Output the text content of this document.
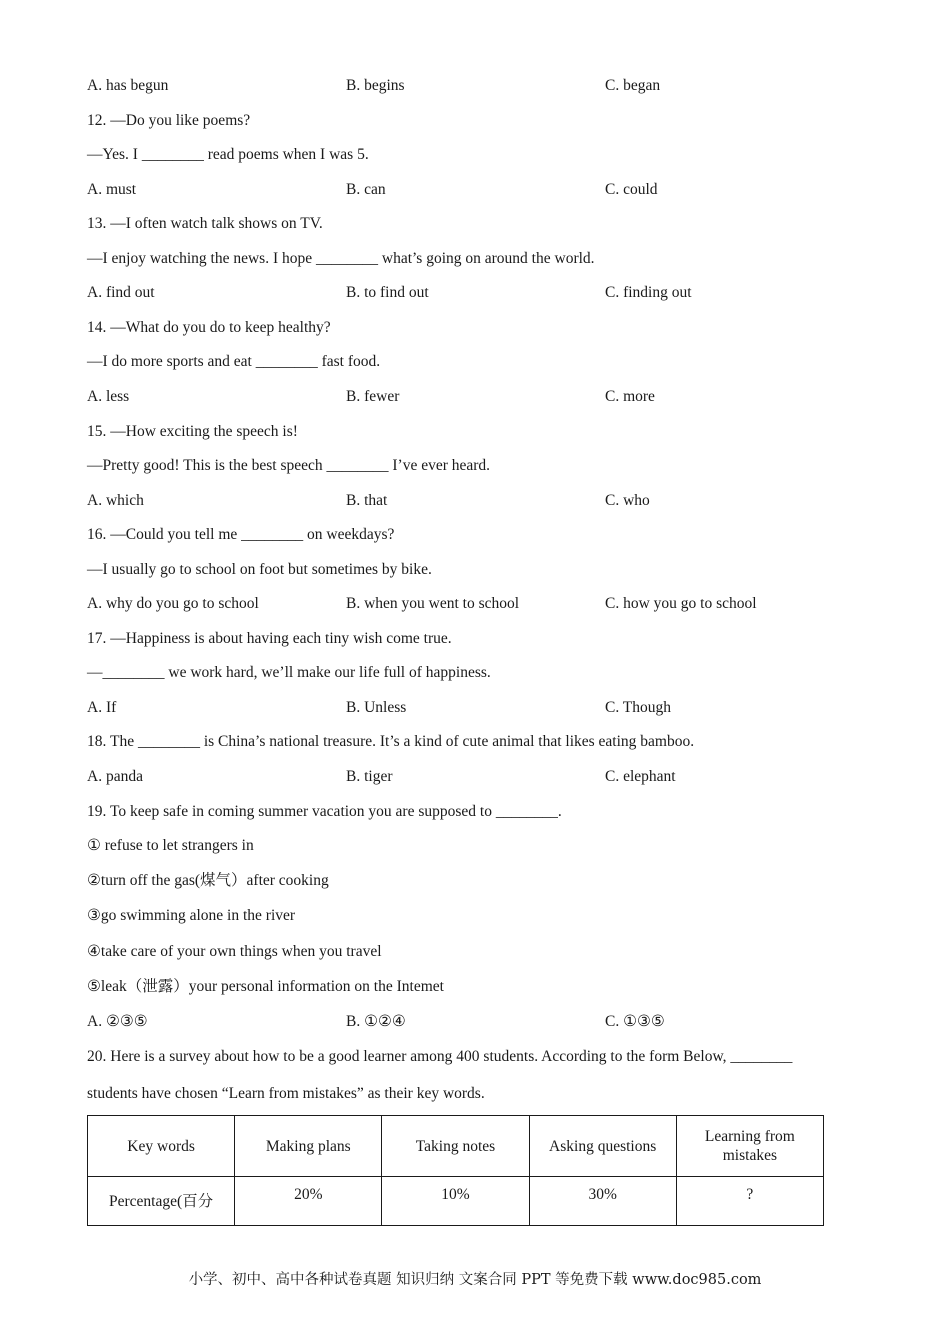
A. has begun	B. begins	C. began
12. —Do you like poems?
—Yes. I ________ read poems when I was 5.
A. must	B. can	C. could
13. —I often watch talk shows on TV.
—I enjoy watching the news. I hope ________ what’s going on around the world.
A. find out	B. to find out	C. finding out
14. —What do you do to keep healthy?
—I do more sports and eat ________ fast food.
A. less	B. fewer	C. more
15. —How exciting the speech is!
—Pretty good! This is the best speech ________ I’ve ever heard.
A. which	B. that	C. who
16. —Could you tell me ________ on weekdays?
—I usually go to school on foot but sometimes by bike.
A. why do you go to school	B. when you went to school	C. how you go to school
17. —Happiness is about having each tiny wish come true.
—________ we work hard, we’ll make our life full of happiness.
A. If	B. Unless	C. Though
18. The ________ is China’s national treasure. It’s a kind of cute animal that likes eating bamboo.
A. panda	B. tiger	C. elephant
19. To keep safe in coming summer vacation you are supposed to ________.
① refuse to let strangers in
②turn off the gas(煤气）after cooking
③go swimming alone in the river
④take care of your own things when you travel
⑤leak（泄露）your personal information on the Intemet
A. ②③⑤	B. ①②④	C. ①③⑤
20. Here is a survey about how to be a good learner among 400 students. According to the form Below, ________
students have chosen “Learn from mistakes” as their key words.
Key words	Making plans	Taking notes	Asking questions	Learning from mistakes
Percentage(百分	20%	10%	30%	?
小学、初中、高中各种试卷真题 知识归纳 文案合同 PPT 等免费下载 www.doc985.com
